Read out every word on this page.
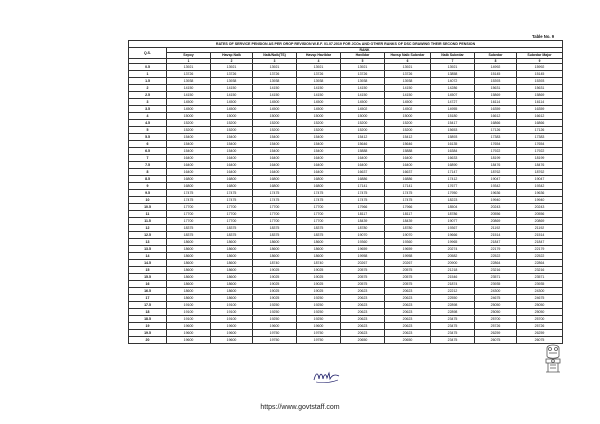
Table No. 9
RATES OF SERVICE PENSION AS PER OROP REVISION W.E.F. 01.07.2019 FOR JCOs AND OTHER RANKS OF DSC DRAWING THEIR SECOND PENSION									
Q.S.	RANK								
	Sepoy	Havsp Naik	Naik/Naik(TS)	Havsp Havildar	Havildar	Havsp Naib Subedar	Naib Subedar	Subedar	Subedar Major
	1	2	3	4	5	6	7	8	9
0.5	13921	13921	13921	13921	13921	13921	13921	14992	15992
1	13726	13726	13726	13726	13726	13726	13858	15145	15145
1.5	13938	13938	13938	13938	13938	13938	14072	15393	15393
2	14150	14150	14150	14150	14150	14150	14286	15631	15631
2.5	14150	14150	14150	14150	14150	14150	14507	15869	15869
3	14500	14500	14500	14500	14500	14500	14727	16114	16114
3.5	14500	14500	14500	14500	14502	14502	14955	16359	16359
4	15000	15000	15000	15000	15000	15000	15180	16612	16612
4.5	15200	15200	15200	15200	15200	15200	15417	16866	16866
5	15200	15200	15200	15200	15200	15200	15653	17126	17126
5.5	15400	15400	15400	15400	15412	15412	15893	17383	17383
6	15400	15400	15400	15400	15646	15646	16135	17654	17654
6.5	15400	15400	15400	15400	15888	15888	16384	17922	17922
7	16400	16400	16400	16400	16400	16400	16633	18199	18199
7.5	16400	16400	16400	16400	16400	16400	16890	18476	18476
8	16400	16400	16400	16400	16637	16637	17147	18762	18762
8.5	16800	16800	16800	16800	16886	16886	17412	19047	19047
9	16800	16800	16800	16800	17141	17141	17677	19342	19342
9.5	17475	17475	17475	17475	17475	17475	17950	19636	19636
10	17475	17475	17475	17475	17475	17475	18223	19940	19940
10.5	17700	17700	17700	17700	17966	17966	18504	20243	20243
11	17700	17700	17700	17700	18117	18117	18786	20556	20556
11.5	17700	17700	17700	17700	18439	18439	19077	20869	20869
12	18375	18375	18375	18375	18780	18780	19367	21192	21192
12.5	18375	18375	18375	18375	19070	19070	19666	21514	21514
13	18600	18600	18600	18600	19360	19360	19965	21847	21847
13.5	18600	18600	18600	18600	19659	19659	20274	22179	22179
14	18600	18600	18600	18600	19958	19958	20582	22522	22522
14.5	18600	18600	18740	18740	20267	20267	20900	22864	22864
15	18600	18600	19025	19025	20575	20575	21218	23216	23216
15.5	18600	18600	19025	19025	20575	20575	21546	23571	23571
16	18600	18600	19025	19025	20575	20575	21874	23935	23935
16.5	18600	18600	19025	19025	20623	20623	22212	24300	24300
17	18600	18600	19025	19250	20623	20623	22550	24675	24675
17.5	19100	19100	19250	19250	20623	20623	22898	25050	25050
18	19100	19100	19250	19250	20623	20623	22898	25050	25050
18.5	19100	19100	19250	19250	20623	20623	23475	25700	25700
19	19600	19600	19600	19600	20623	20623	23475	25726	25726
19.5	19600	19600	19750	19750	20623	20623	23475	26259	26259
20	19600	19600	19750	19750	20650	20650	23475	26075	26075
https://www.govtstaff.com
